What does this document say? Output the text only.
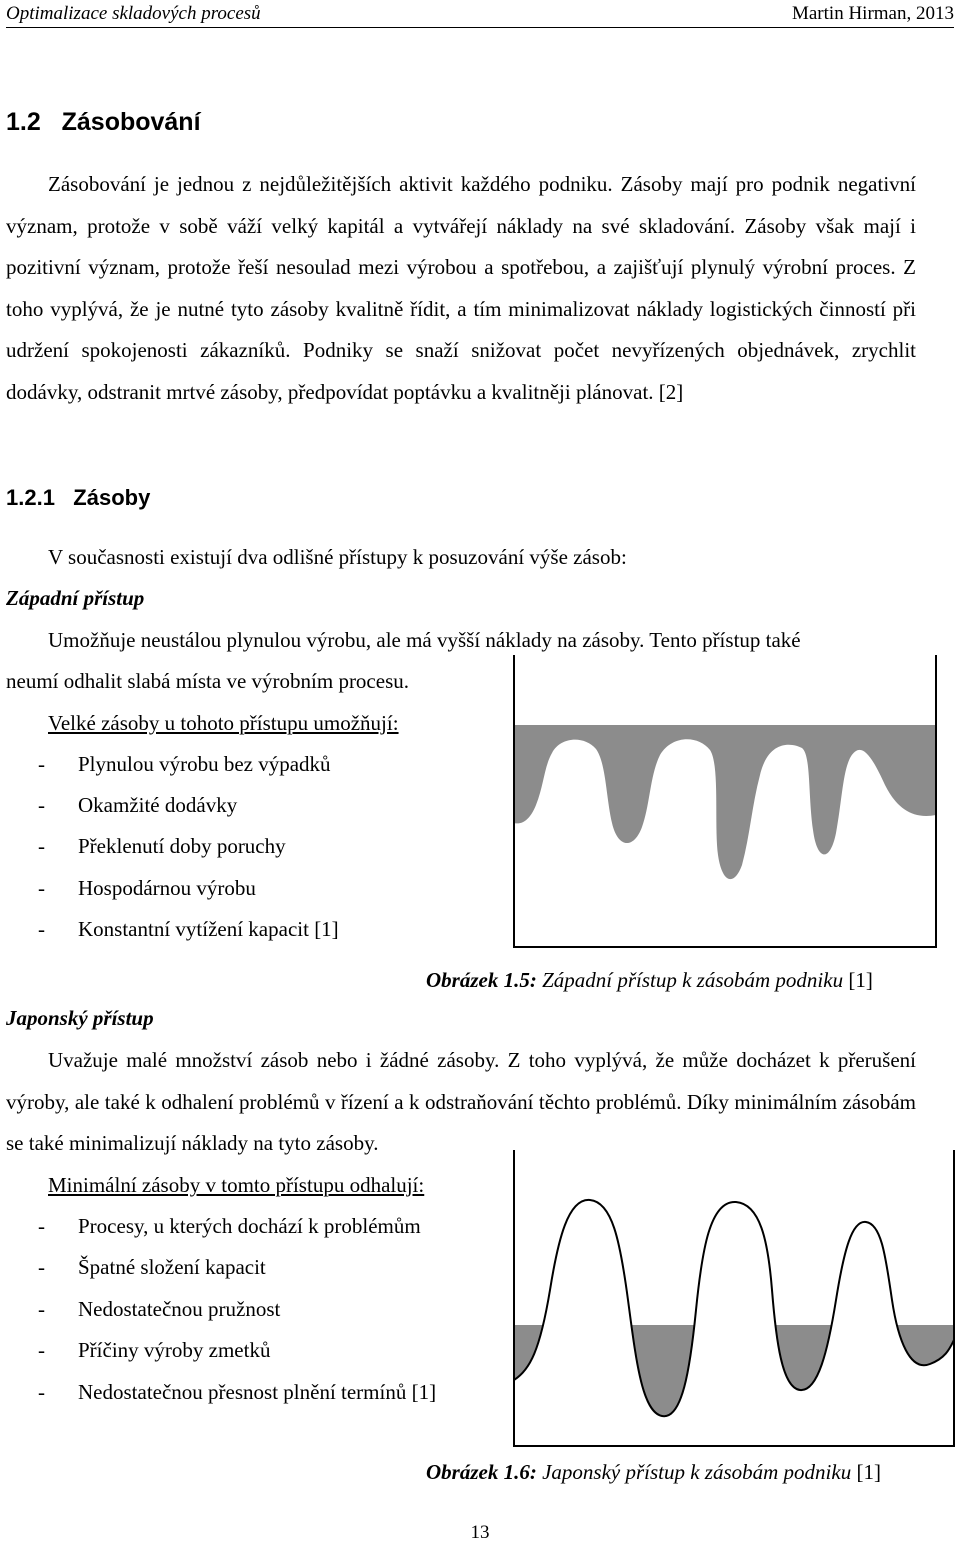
Optimalizace skladových procesů	Martin Hirman, 2013
1.2 Zásobování
Zásobování je jednou z nejdůležitějších aktivit každého podniku. Zásoby mají pro podnik negativní význam, protože v sobě váží velký kapitál a vytvářejí náklady na své skladování. Zásoby však mají i pozitivní význam, protože řeší nesoulad mezi výrobou a spotřebou, a zajišťují plynulý výrobní proces. Z toho vyplývá, že je nutné tyto zásoby kvalitně řídit, a tím minimalizovat náklady logistických činností při udržení spokojenosti zákazníků. Podniky se snaží snižovat počet nevyřízených objednávek, zrychlit dodávky, odstranit mrtvé zásoby, předpovídat poptávku a kvalitněji plánovat. [2]
1.2.1 Zásoby
V současnosti existují dva odlišné přístupy k posuzování výše zásob:
Západní přístup
Umožňuje neustálou plynulou výrobu, ale má vyšší náklady na zásoby. Tento přístup také
neumí odhalit slabá místa ve výrobním procesu.
Velké zásoby u tohoto přístupu umožňují:
- Plynulou výrobu bez výpadků
- Okamžité dodávky
- Překlenutí doby poruchy
- Hospodárnou výrobu
- Konstantní vytížení kapacit [1]
Obrázek 1.5: Západní přístup k zásobám podniku [1]
Japonský přístup
Uvažuje malé množství zásob nebo i žádné zásoby. Z toho vyplývá, že může docházet k přerušení výroby, ale také k odhalení problémů v řízení a k odstraňování těchto problémů. Díky minimálním zásobám se také minimalizují náklady na tyto zásoby.
Minimální zásoby v tomto přístupu odhalují:
- Procesy, u kterých dochází k problémům
- Špatné složení kapacit
- Nedostatečnou pružnost
- Příčiny výroby zmetků
- Nedostatečnou přesnost plnění termínů [1]
Obrázek 1.6: Japonský přístup k zásobám podniku [1]
13
